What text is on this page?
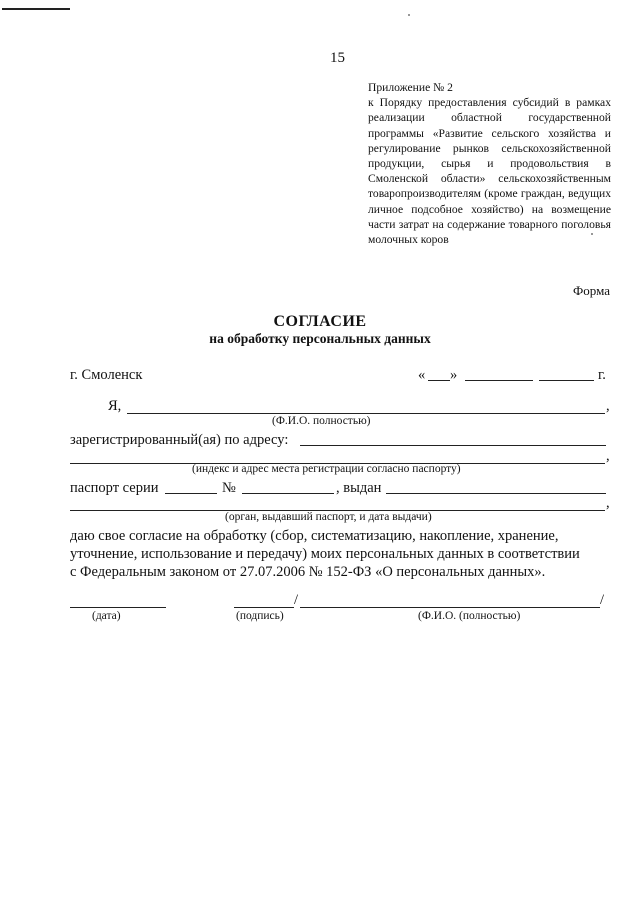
15
Приложение № 2
к Порядку предоставления субсидий в рамках реализации областной государственной программы «Развитие сельского хозяйства и регулирование рынков сельскохозяйственной продукции, сырья и продовольствия в Смоленской области» сельскохозяйственным товаропроизводителям (кроме граждан, ведущих личное подсобное хозяйство) на возмещение части затрат на содержание товарного поголовья молочных коров
Форма
СОГЛАСИЕ
на обработку персональных данных
г. Смоленск	« »	г.
Я,	,
(Ф.И.О. полностью)
зарегистрированный(ая) по адресу:
,
(индекс и адрес места регистрации согласно паспорту)
паспорт серии	№	, выдан
,
(орган, выдавший паспорт, и дата выдачи)
даю свое согласие на обработку (сбор, систематизацию, накопление, хранение,
уточнение, использование и передачу) моих персональных данных в соответствии
с Федеральным законом от 27.07.2006 № 152-ФЗ «О персональных данных».
/	/
(дата)	(подпись)	(Ф.И.О. (полностью)
